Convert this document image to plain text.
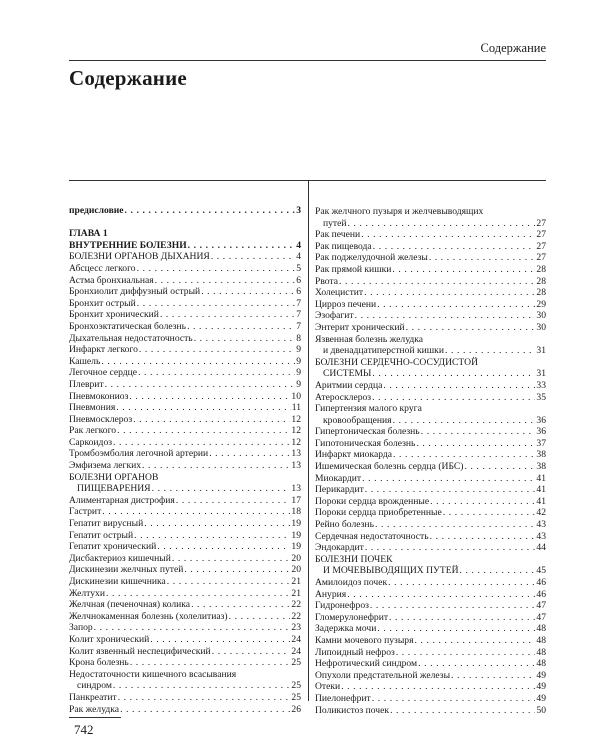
Содержание
Содержание
предисловие . . .	3
ГЛАВА 1
ВНУТРЕННИЕ БОЛЕЗНИ . . .	4
БОЛЕЗНИ ОРГАНОВ ДЫХАНИЯ . . .	4
Абсцесс легкого . . .	5
Астма бронхиальная . . .	6
Бронхиолит диффузный острый . . .	6
Бронхит острый . . .	7
Бронхит хронический . . .	7
Бронхоэктатическая болезнь . . .	7
Дыхательная недостаточность . . .	8
Инфаркт легкого . . .	9
Кашель . . .	9
Легочное сердце . . .	9
Плеврит . . .	9
Пневмокониоз . . .	10
Пневмония . . .	11
Пневмосклероз . . .	12
Рак легкого . . .	12
Саркоидоз . . .	12
Тромбоэмболия легочной артерии . . .	13
Эмфизема легких . . .	13
БОЛЕЗНИ ОРГАНОВ
ПИЩЕВАРЕНИЯ . . .	13
Алиментарная дистрофия . . .	17
Гастрит . . .	18
Гепатит вирусный . . .	19
Гепатит острый . . .	19
Гепатит хронический . . .	19
Дисбактериоз кишечный . . .	20
Дискинезии желчных путей . . .	20
Дискинезии кишечника . . .	21
Желтухи . . .	21
Желчная (печеночная) колика . . .	22
Желчнокаменная болезнь (холелитиаз) . . .	22
Запор . . .	23
Колит хронический . . .	24
Колит язвенный неспецифический . . .	24
Крона болезнь . . .	25
Недостаточности кишечного всасывания
синдром . . .	25
Панкреатит . . .	25
Рак желудка . . .	26
Рак желчного пузыря и желчевыводящих
путей . . .	27
Рак печени . . .	27
Рак пищевода . . .	27
Рак поджелудочной железы . . .	27
Рак прямой кишки . . .	28
Рвота . . .	28
Холецистит . . .	28
Цирроз печени . . .	29
Эзофагит . . .	30
Энтерит хронический . . .	30
Язвенная болезнь желудка
и двенадцатиперстной кишки . . .	31
БОЛЕЗНИ СЕРДЕЧНО-СОСУДИСТОЙ
СИСТЕМЫ . . .	31
Аритмии сердца . . .	33
Атеросклероз . . .	35
Гипертензия малого круга
кровообращения . . .	36
Гипертоническая болезнь . . .	36
Гипотоническая болезнь . . .	37
Инфаркт миокарда . . .	38
Ишемическая болезнь сердца (ИБС) . . .	38
Миокардит . . .	41
Перикардит . . .	41
Пороки сердца врожденные . . .	41
Пороки сердца приобретенные . . .	42
Рейно болезнь . . .	43
Сердечная недостаточность . . .	43
Эндокардит . . .	44
БОЛЕЗНИ ПОЧЕК
И МОЧЕВЫВОДЯЩИХ ПУТЕЙ . . .	45
Амилоидоз почек . . .	46
Анурия . . .	46
Гидронефроз . . .	47
Гломерулонефрит . . .	47
Задержка мочи . . .	48
Камни мочевого пузыря . . .	48
Липоидный нефроз . . .	48
Нефротический синдром . . .	48
Опухоли предстательной железы . . .	49
Отеки . . .	49
Пиелонефрит . . .	49
Поликистоз почек . . .	50
742
